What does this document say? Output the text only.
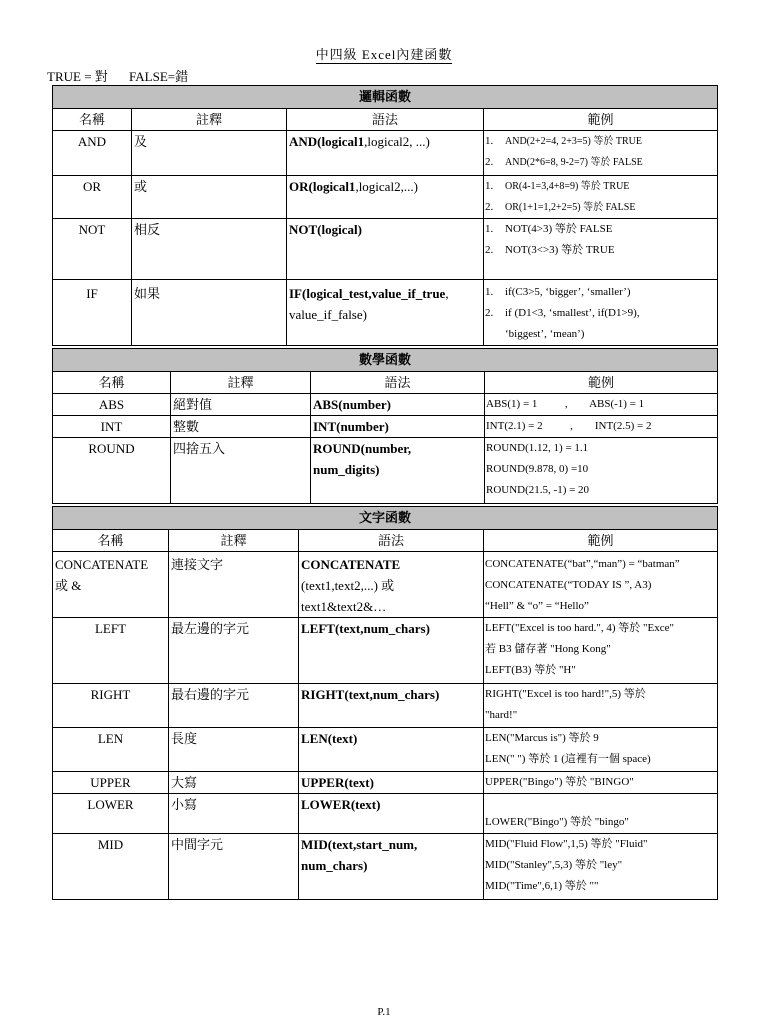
中四級 Excel內建函數
TRUE = 對 FALSE=錯
邏輯函數			
名稱	註釋	語法	範例
AND	及	AND(logical1,logical2, ...)	1. AND(2+2=4, 2+3=5) 等於 TRUE
2. AND(2*6=8, 9-2=7) 等於 FALSE

OR	或	OR(logical1,logical2,...)	1. OR(4-1=3,4+8=9) 等於 TRUE
2. OR(1+1=1,2+2=5) 等於 FALSE

NOT	相反	NOT(logical)	1. NOT(4>3) 等於 FALSE
2. NOT(3<>3) 等於 TRUE

IF	如果	IF(logical_test,value_if_true, value_if_false)	1. if(C3>5, ‘bigger’, ‘smaller’)
2. if (D1<3, ‘smallest’, if(D1>9),
‘biggest’, ‘mean’)
數學函數			
名稱	註釋	語法	範例
ABS	絕對值	ABS(number)	ABS(1) = 1          ,        ABS(-1) = 1
INT	整數	INT(number)	INT(2.1) = 2          ,        INT(2.5) = 2
ROUND	四捨五入	ROUND(number,
num_digits)	ROUND(1.12, 1) = 1.1
ROUND(9.878, 0) =10
ROUND(21.5, -1) = 20
文字函數			
名稱	註釋	語法	範例

CONCATENATE
或 &	連接文字	CONCATENATE
(text1,text2,...) 或
text1&text2&…	CONCATENATE(“bat”,“man”) = “batman”
CONCATENATE(“TODAY IS ”, A3)
“Hell” & “o” = “Hello”

LEFT	最左邊的字元	LEFT(text,num_chars)	LEFT("Excel is too hard.", 4) 等於 "Exce"
若 B3 儲存著 "Hong Kong"
LEFT(B3) 等於 "H"

RIGHT	最右邊的字元	RIGHT(text,num_chars)	RIGHT("Excel is too hard!",5) 等於
"hard!"

LEN	長度	LEN(text)	LEN("Marcus is") 等於 9
LEN(" ") 等於 1 (這裡有一個 space)

UPPER	大寫	UPPER(text)	UPPER("Bingo") 等於 "BINGO"
LOWER	小寫	LOWER(text)	LOWER("Bingo") 等於 "bingo"
MID	中間字元	MID(text,start_num,
num_chars)	MID("Fluid Flow",1,5) 等於 "Fluid"
MID("Stanley",5,3) 等於 "ley"
MID("Time",6,1) 等於 ""
P.1
